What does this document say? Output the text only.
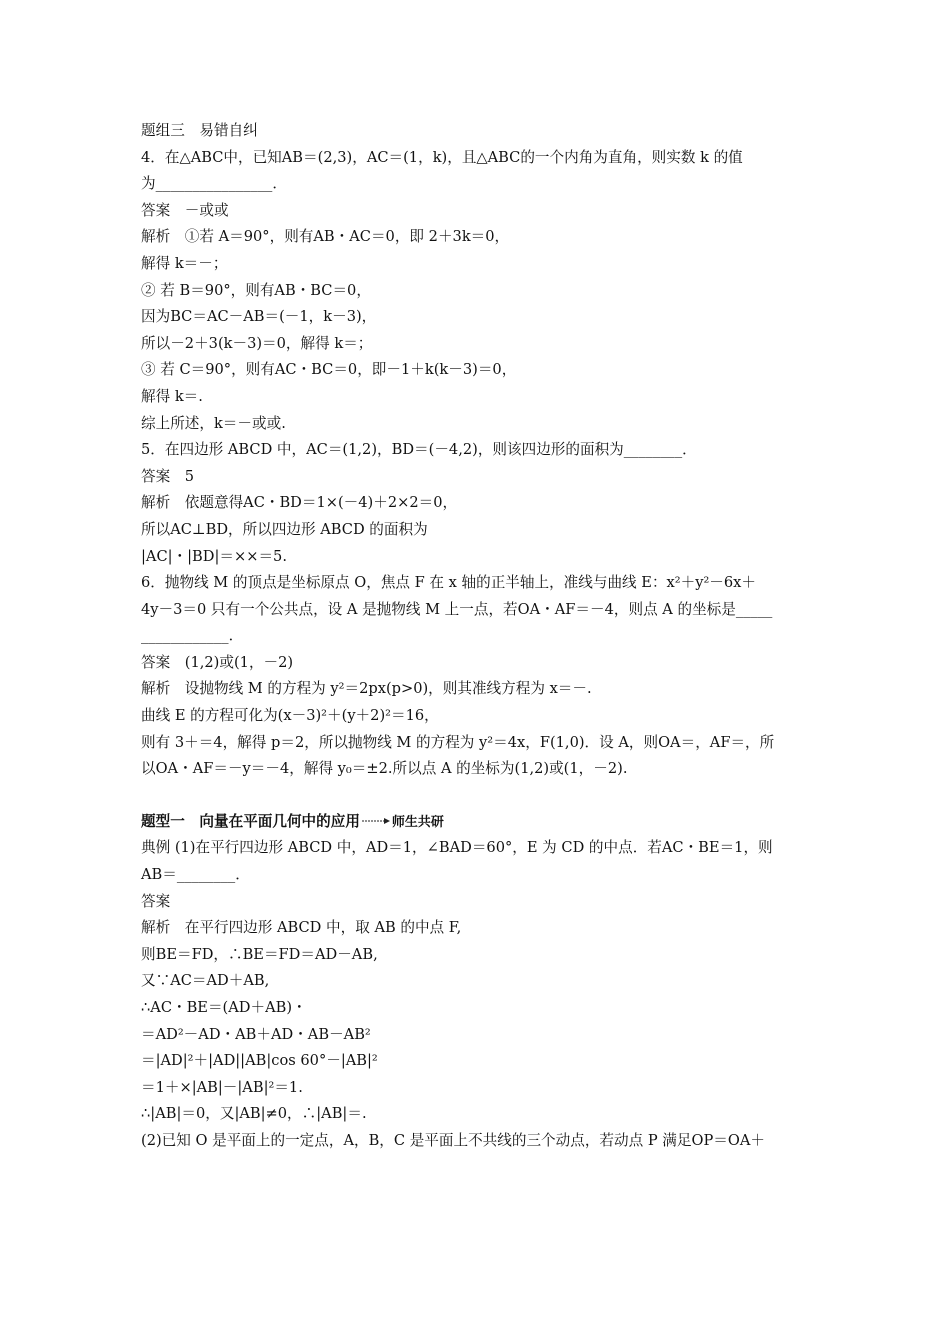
题组三　易错自纠
4．在△ABC中，已知AB＝(2,3)，AC＝(1，k)，且△ABC的一个内角为直角，则实数 k 的值
为________________．
答案　－或或
解析　①若 A＝90°，则有AB・AC＝0，即 2＋3k＝0，
解得 k＝－；
② 若 B＝90°，则有AB・BC＝0，
因为BC＝AC－AB＝(－1，k－3)，
所以－2＋3(k－3)＝0，解得 k＝；
③ 若 C＝90°，则有AC・BC＝0，即－1＋k(k－3)＝0，
解得 k＝.
综上所述，k＝－或或.
5．在四边形 ABCD 中，AC＝(1,2)，BD＝(－4,2)，则该四边形的面积为________．
答案　5
解析　依题意得AC・BD＝1×(－4)＋2×2＝0，
所以AC⊥BD，所以四边形 ABCD 的面积为
|AC|・|BD|＝××＝5.
6．抛物线 M 的顶点是坐标原点 O，焦点 F 在 x 轴的正半轴上，准线与曲线 E：x²＋y²－6x＋
4y－3＝0 只有一个公共点，设 A 是抛物线 M 上一点，若OA・AF＝－4，则点 A 的坐标是_____
____________．
答案　(1,2)或(1，－2)
解析　设抛物线 M 的方程为 y²＝2px(p>0)，则其准线方程为 x＝－.
曲线 E 的方程可化为(x－3)²＋(y＋2)²＝16，
则有 3＋＝4，解得 p＝2，所以抛物线 M 的方程为 y²＝4x，F(1,0)．设 A，则OA＝，AF＝，所
以OA・AF＝－y＝－4，解得 y₀＝±2.所以点 A 的坐标为(1,2)或(1，－2).
题型一　向量在平面几何中的应用 师生共研
典例 (1)在平行四边形 ABCD 中，AD＝1，∠BAD＝60°，E 为 CD 的中点．若AC・BE＝1，则
AB＝________．
答案
解析　在平行四边形 ABCD 中，取 AB 的中点 F,
则BE＝FD，∴BE＝FD＝AD－AB,
又∵AC＝AD＋AB,
∴AC・BE＝(AD＋AB)・
＝AD²－AD・AB＋AD・AB－AB²
＝|AD|²＋|AD||AB|cos 60°－|AB|²
＝1＋×|AB|－|AB|²＝1.
∴|AB|＝0，又|AB|≠0，∴|AB|＝.
(2)已知 O 是平面上的一定点，A，B，C 是平面上不共线的三个动点，若动点 P 满足OP＝OA＋
